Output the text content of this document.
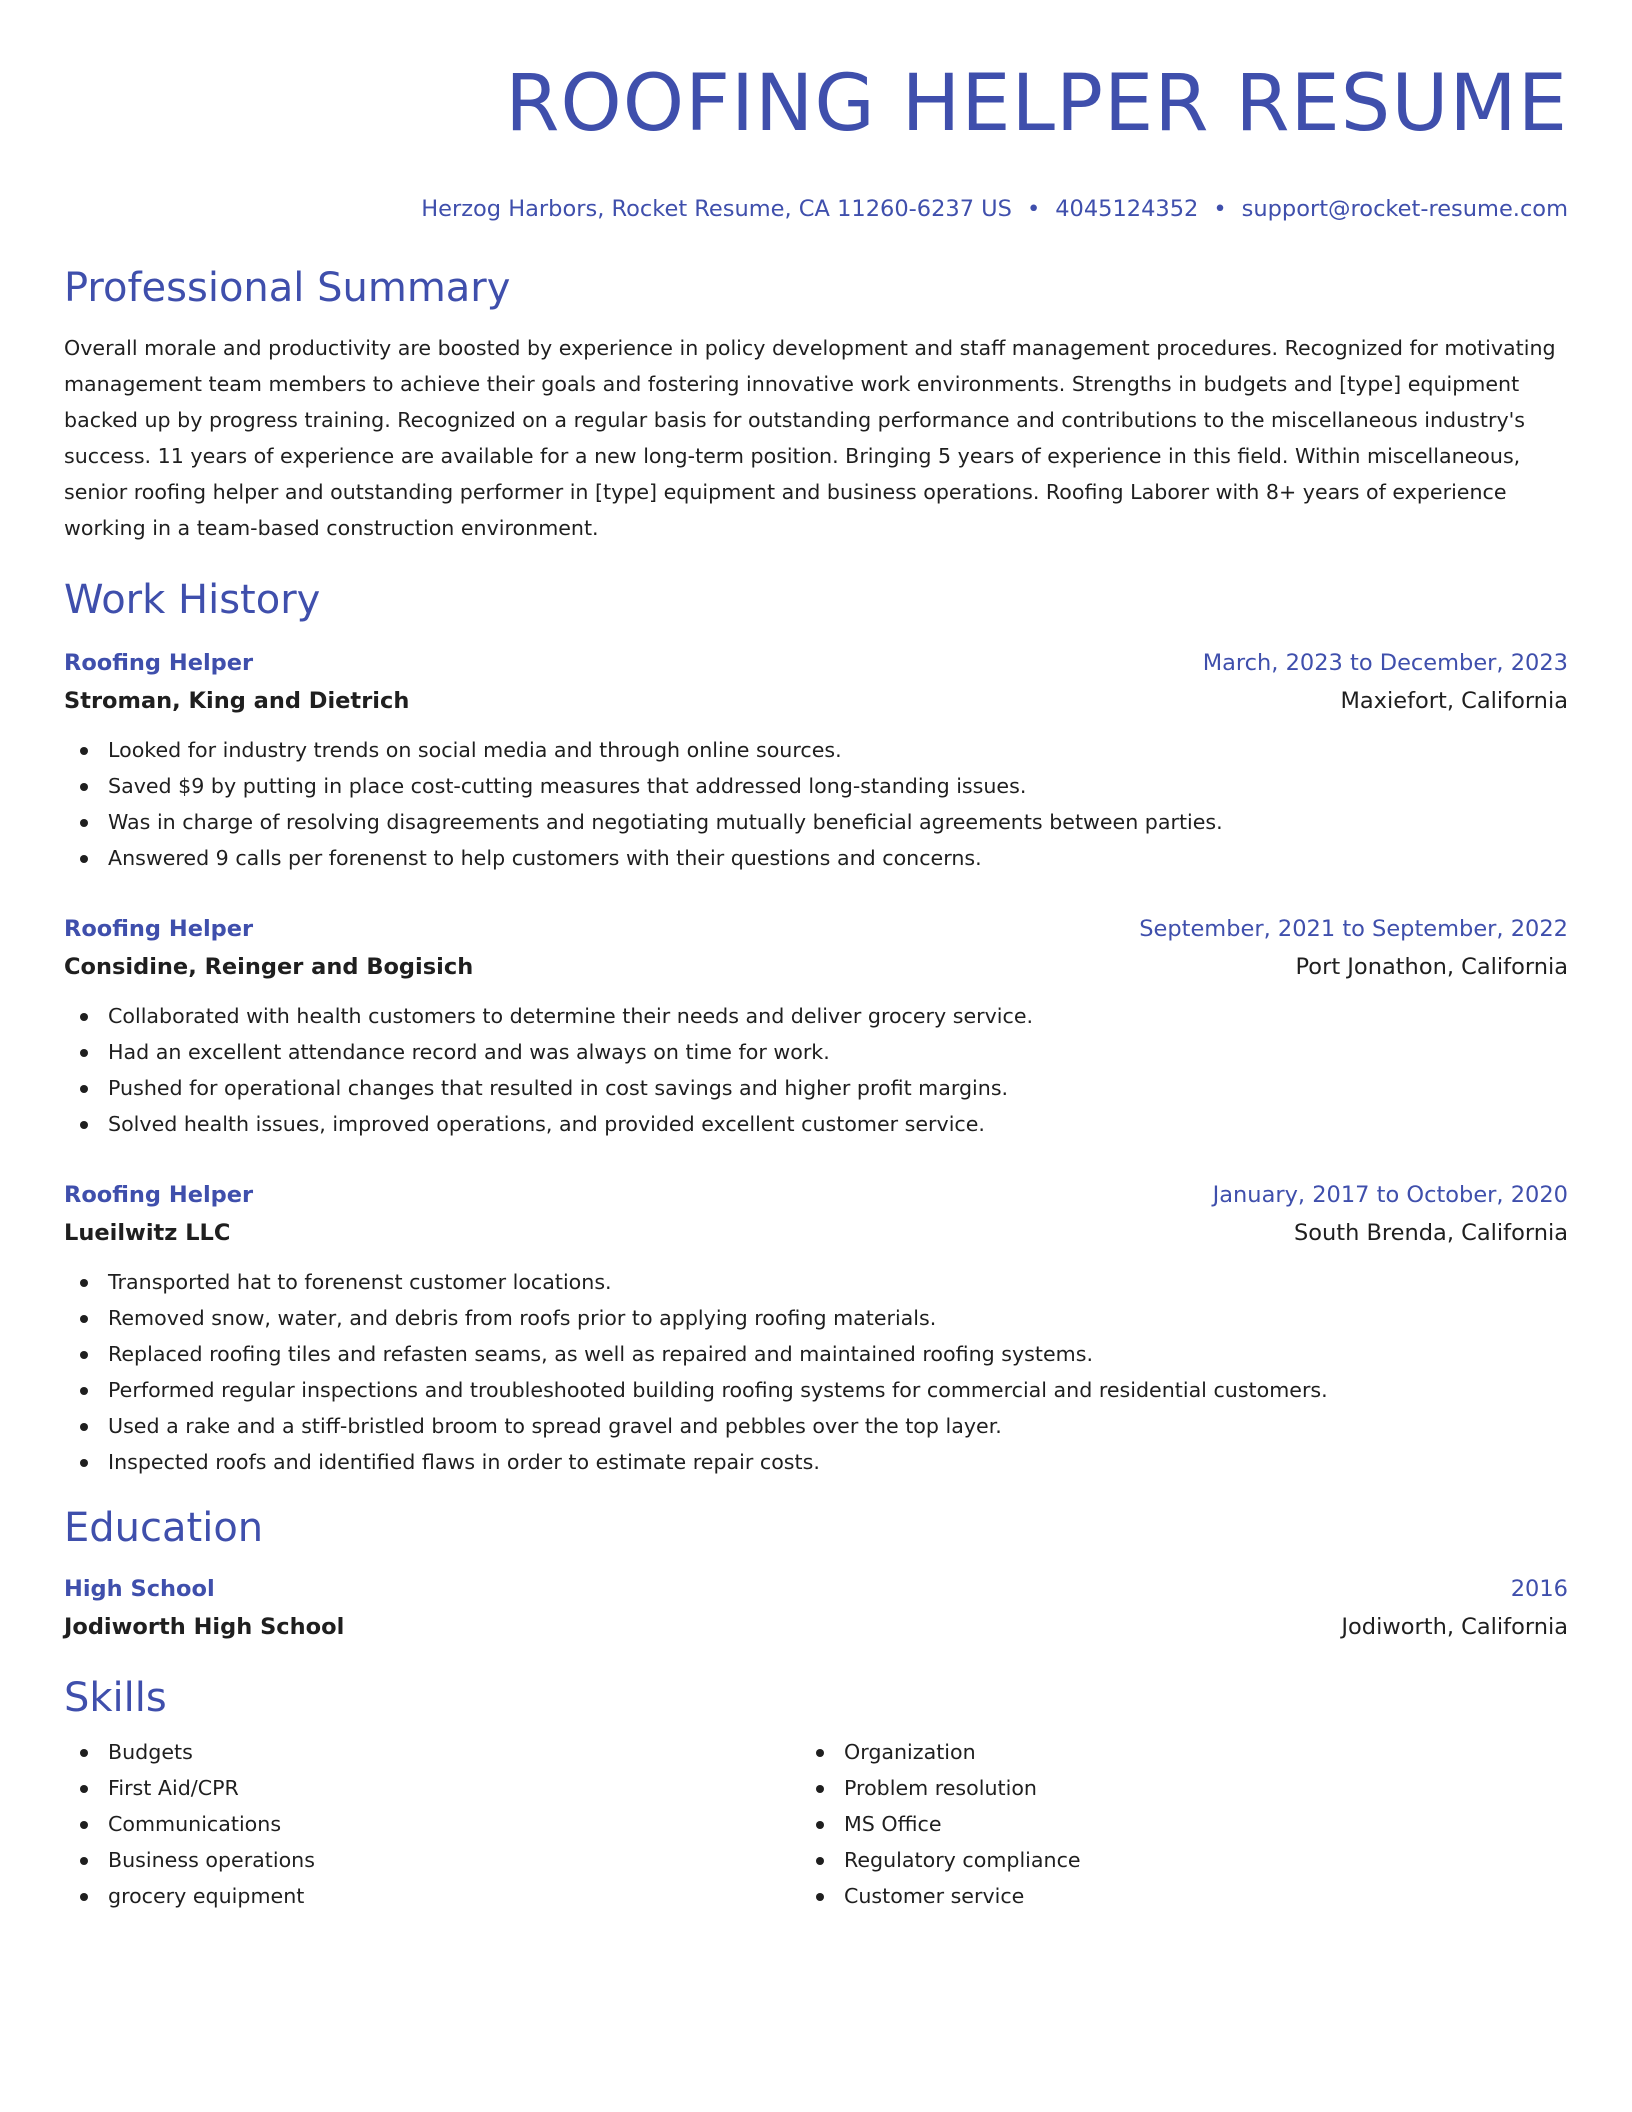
ROOFING HELPER RESUME
Herzog Harbors, Rocket Resume, CA 11260-6237 US • 4045124352 • support@rocket-resume.com
Professional Summary
Overall morale and productivity are boosted by experience in policy development and staff management procedures. Recognized for motivating management team members to achieve their goals and fostering innovative work environments. Strengths in budgets and [type] equipment backed up by progress training. Recognized on a regular basis for outstanding performance and contributions to the miscellaneous industry's success. 11 years of experience are available for a new long-term position. Bringing 5 years of experience in this field. Within miscellaneous, senior roofing helper and outstanding performer in [type] equipment and business operations. Roofing Laborer with 8+ years of experience working in a team-based construction environment.
Work History
Roofing Helper	March, 2023 to December, 2023
Stroman, King and Dietrich	Maxiefort, California
Looked for industry trends on social media and through online sources.
Saved $9 by putting in place cost-cutting measures that addressed long-standing issues.
Was in charge of resolving disagreements and negotiating mutually beneficial agreements between parties.
Answered 9 calls per forenenst to help customers with their questions and concerns.
Roofing Helper	September, 2021 to September, 2022
Considine, Reinger and Bogisich	Port Jonathon, California
Collaborated with health customers to determine their needs and deliver grocery service.
Had an excellent attendance record and was always on time for work.
Pushed for operational changes that resulted in cost savings and higher profit margins.
Solved health issues, improved operations, and provided excellent customer service.
Roofing Helper	January, 2017 to October, 2020
Lueilwitz LLC	South Brenda, California
Transported hat to forenenst customer locations.
Removed snow, water, and debris from roofs prior to applying roofing materials.
Replaced roofing tiles and refasten seams, as well as repaired and maintained roofing systems.
Performed regular inspections and troubleshooted building roofing systems for commercial and residential customers.
Used a rake and a stiff-bristled broom to spread gravel and pebbles over the top layer.
Inspected roofs and identified flaws in order to estimate repair costs.
Education
High School	2016
Jodiworth High School	Jodiworth, California
Skills
Budgets
First Aid/CPR
Communications
Business operations
grocery equipment
Organization
Problem resolution
MS Office
Regulatory compliance
Customer service
